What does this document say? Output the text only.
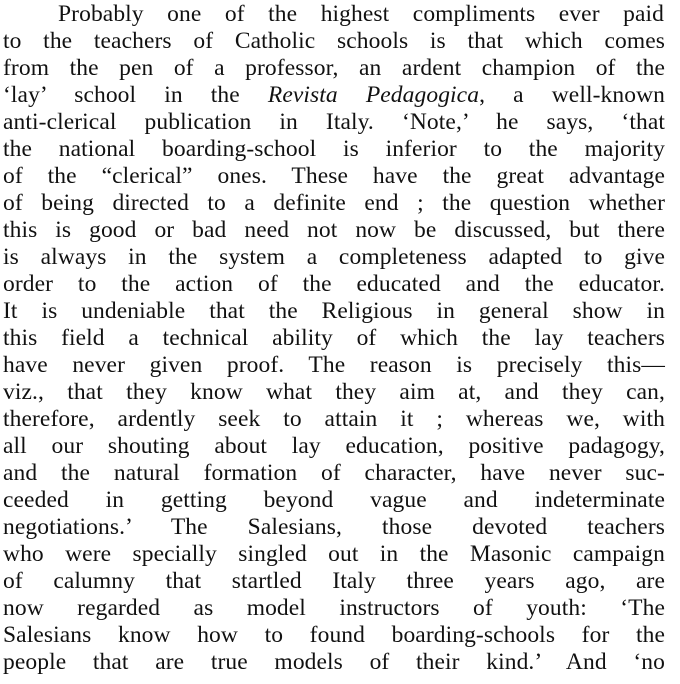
Probably one of the highest compliments ever paid
to the teachers of Catholic schools is that which comes
from the pen of a professor, an ardent champion of the
‘lay’ school in the Revista Pedagogica, a well-known
anti-clerical publication in Italy. ‘Note,’ he says, ‘that
the national boarding-school is inferior to the majority
of the “clerical” ones. These have the great advantage
of being directed to a definite end ; the question whether
this is good or bad need not now be discussed, but there
is always in the system a completeness adapted to give
order to the action of the educated and the educator.
It is undeniable that the Religious in general show in
this field a technical ability of which the lay teachers
have never given proof. The reason is precisely this—
viz., that they know what they aim at, and they can,
therefore, ardently seek to attain it ; whereas we, with
all our shouting about lay education, positive padagogy,
and the natural formation of character, have never suc-
ceeded in getting beyond vague and indeterminate
negotiations.’ The Salesians, those devoted teachers
who were specially singled out in the Masonic campaign
of calumny that startled Italy three years ago, are
now regarded as model instructors of youth: ‘The
Salesians know how to found boarding-schools for the
people that are true models of their kind.’ And ‘no
